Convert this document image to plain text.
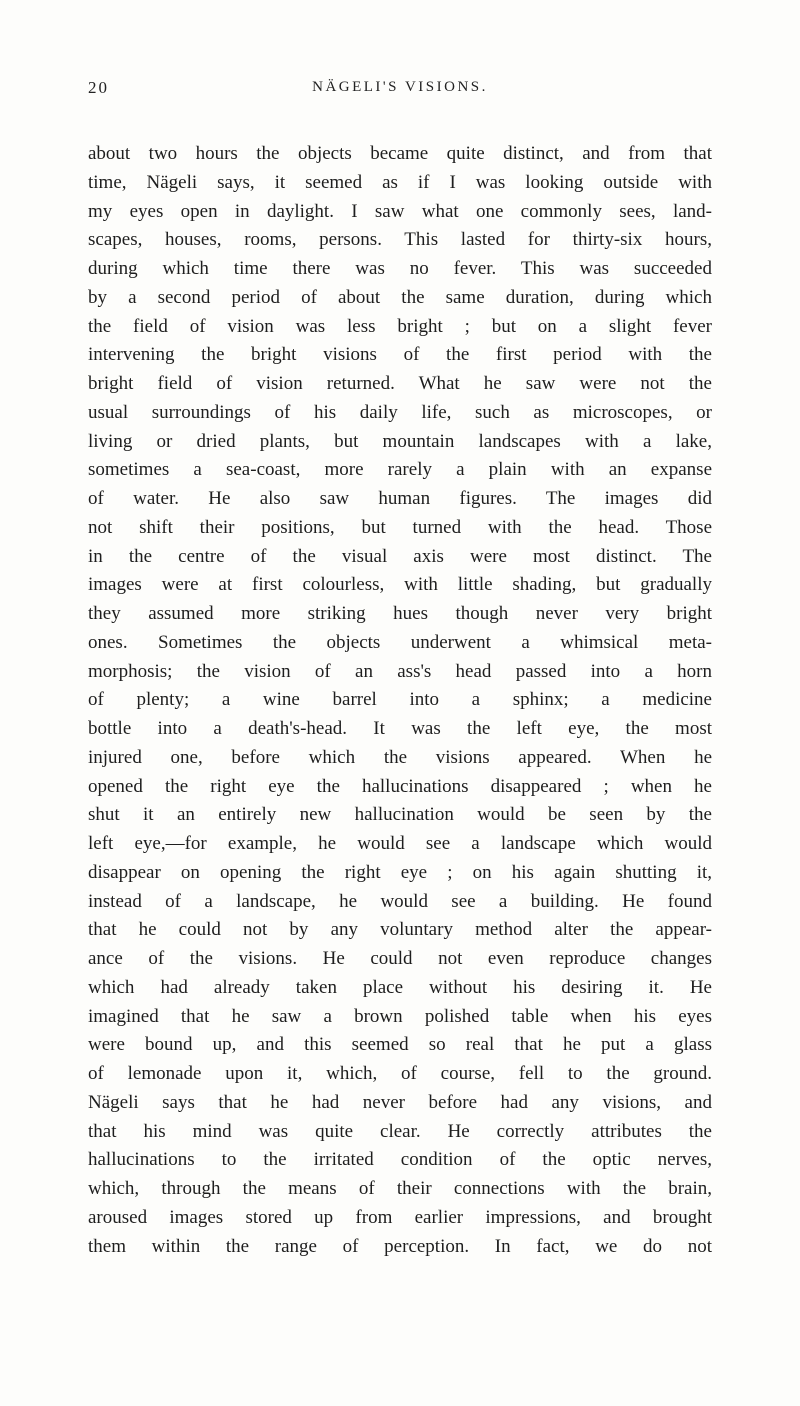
20	NÄGELI'S VISIONS.
about two hours the objects became quite distinct, and from that
time, Nägeli says, it seemed as if I was looking outside with
my eyes open in daylight. I saw what one commonly sees, land-
scapes, houses, rooms, persons. This lasted for thirty-six hours,
during which time there was no fever. This was succeeded
by a second period of about the same duration, during which
the field of vision was less bright ; but on a slight fever
intervening the bright visions of the first period with the
bright field of vision returned. What he saw were not the
usual surroundings of his daily life, such as microscopes, or
living or dried plants, but mountain landscapes with a lake,
sometimes a sea-coast, more rarely a plain with an expanse
of water. He also saw human figures. The images did
not shift their positions, but turned with the head. Those
in the centre of the visual axis were most distinct. The
images were at first colourless, with little shading, but gradually
they assumed more striking hues though never very bright
ones. Sometimes the objects underwent a whimsical meta-
morphosis; the vision of an ass's head passed into a horn
of plenty; a wine barrel into a sphinx; a medicine
bottle into a death's-head. It was the left eye, the most
injured one, before which the visions appeared. When he
opened the right eye the hallucinations disappeared ; when he
shut it an entirely new hallucination would be seen by the
left eye,—for example, he would see a landscape which would
disappear on opening the right eye ; on his again shutting it,
instead of a landscape, he would see a building. He found
that he could not by any voluntary method alter the appear-
ance of the visions. He could not even reproduce changes
which had already taken place without his desiring it. He
imagined that he saw a brown polished table when his eyes
were bound up, and this seemed so real that he put a glass
of lemonade upon it, which, of course, fell to the ground.
Nägeli says that he had never before had any visions, and
that his mind was quite clear. He correctly attributes the
hallucinations to the irritated condition of the optic nerves,
which, through the means of their connections with the brain,
aroused images stored up from earlier impressions, and brought
them within the range of perception. In fact, we do not
